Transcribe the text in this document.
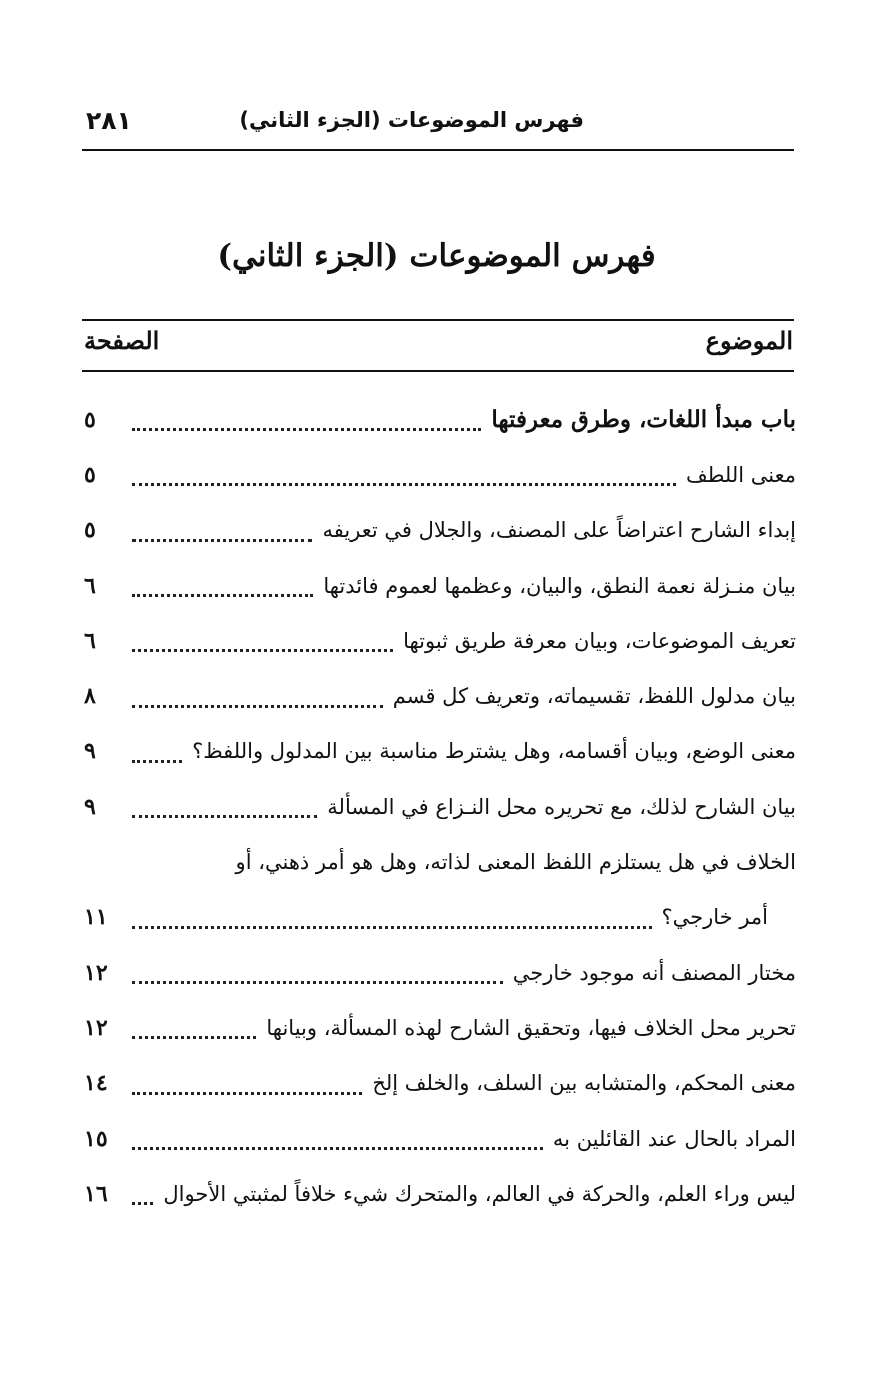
فهرس الموضوعات (الجزء الثاني)
٢٨١
فهرس الموضوعات (الجزء الثاني)
الموضوع
الصفحة
باب مبدأ اللغات، وطرق معرفتها
٥
معنى اللطف
٥
إبداء الشارح اعتراضاً على المصنف، والجلال في تعريفه
٥
بيان منـزلة نعمة النطق، والبيان، وعظمها لعموم فائدتها
٦
تعريف الموضوعات، وبيان معرفة طريق ثبوتها
٦
بيان مدلول اللفظ، تقسيماته، وتعريف كل قسم
٨
معنى الوضع، وبيان أقسامه، وهل يشترط مناسبة بين المدلول واللفظ؟
٩
بيان الشارح لذلك، مع تحريره محل النـزاع في المسألة
٩
الخلاف في هل يستلزم اللفظ المعنى لذاته، وهل هو أمر ذهني، أو
أمر خارجي؟
١١
مختار المصنف أنه موجود خارجي
١٢
تحرير محل الخلاف فيها، وتحقيق الشارح لهذه المسألة، وبيانها
١٢
معنى المحكم، والمتشابه بين السلف، والخلف إلخ
١٤
المراد بالحال عند القائلين به
١٥
ليس وراء العلم، والحركة في العالم، والمتحرك شيء خلافاً لمثبتي الأحوال
١٦
